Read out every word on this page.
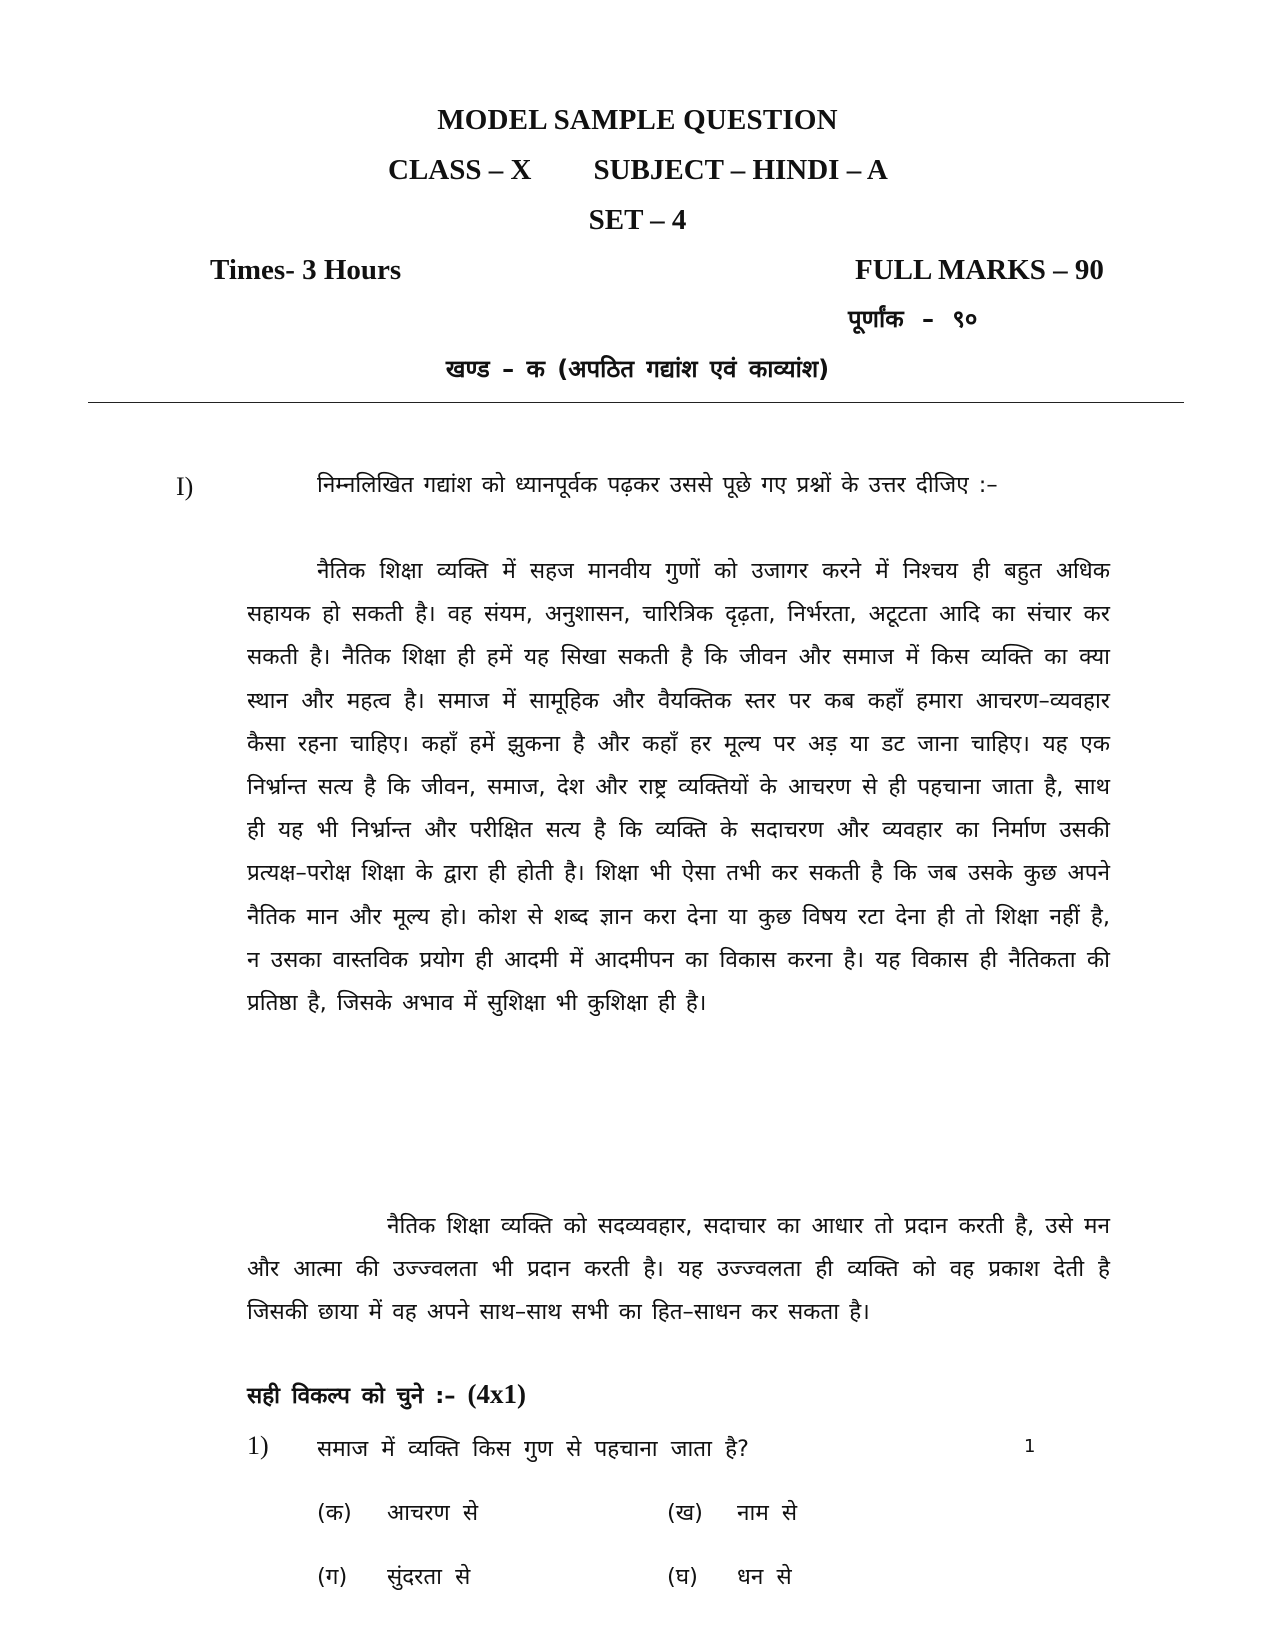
MODEL SAMPLE QUESTION
CLASS – X SUBJECT – HINDI – A
SET – 4
Times- 3 Hours	FULL MARKS – 90
पूर्णांक – ९०
खण्ड – क (अपठित गद्यांश एवं काव्यांश)
I)	निम्नलिखित गद्यांश को ध्यानपूर्वक पढ़कर उससे पूछे गए प्रश्नों के उत्तर दीजिए :–
नैतिक शिक्षा व्यक्ति में सहज मानवीय गुणों को उजागर करने में निश्चय ही बहुत अधिक सहायक हो सकती है। वह संयम, अनुशासन, चारित्रिक दृढ़ता, निर्भरता, अटूटता आदि का संचार कर सकती है। नैतिक शिक्षा ही हमें यह सिखा सकती है कि जीवन और समाज में किस व्यक्ति का क्या स्थान और महत्व है। समाज में सामूहिक और वैयक्तिक स्तर पर कब कहाँ हमारा आचरण–व्यवहार कैसा रहना चाहिए। कहाँ हमें झुकना है और कहाँ हर मूल्य पर अड़ या डट जाना चाहिए। यह एक निर्भ्रान्त सत्य है कि जीवन, समाज, देश और राष्ट्र व्यक्तियों के आचरण से ही पहचाना जाता है, साथ ही यह भी निर्भ्रान्त और परीक्षित सत्य है कि व्यक्ति के सदाचरण और व्यवहार का निर्माण उसकी प्रत्यक्ष–परोक्ष शिक्षा के द्वारा ही होती है। शिक्षा भी ऐसा तभी कर सकती है कि जब उसके कुछ अपने नैतिक मान और मूल्य हो। कोश से शब्द ज्ञान करा देना या कुछ विषय रटा देना ही तो शिक्षा नहीं है, न उसका वास्तविक प्रयोग ही आदमी में आदमीपन का विकास करना है। यह विकास ही नैतिकता की प्रतिष्ठा है, जिसके अभाव में सुशिक्षा भी कुशिक्षा ही है।
नैतिक शिक्षा व्यक्ति को सदव्यवहार, सदाचार का आधार तो प्रदान करती है, उसे मन और आत्मा की उज्ज्वलता भी प्रदान करती है। यह उज्ज्वलता ही व्यक्ति को वह प्रकाश देती है जिसकी छाया में वह अपने साथ–साथ सभी का हित–साधन कर सकता है।
सही विकल्प को चुने :– (4x1)
1) समाज में व्यक्ति किस गुण से पहचाना जाता है?	1
(क) आचरण से	(ख) नाम से
(ग) सुंदरता से	(घ) धन से
